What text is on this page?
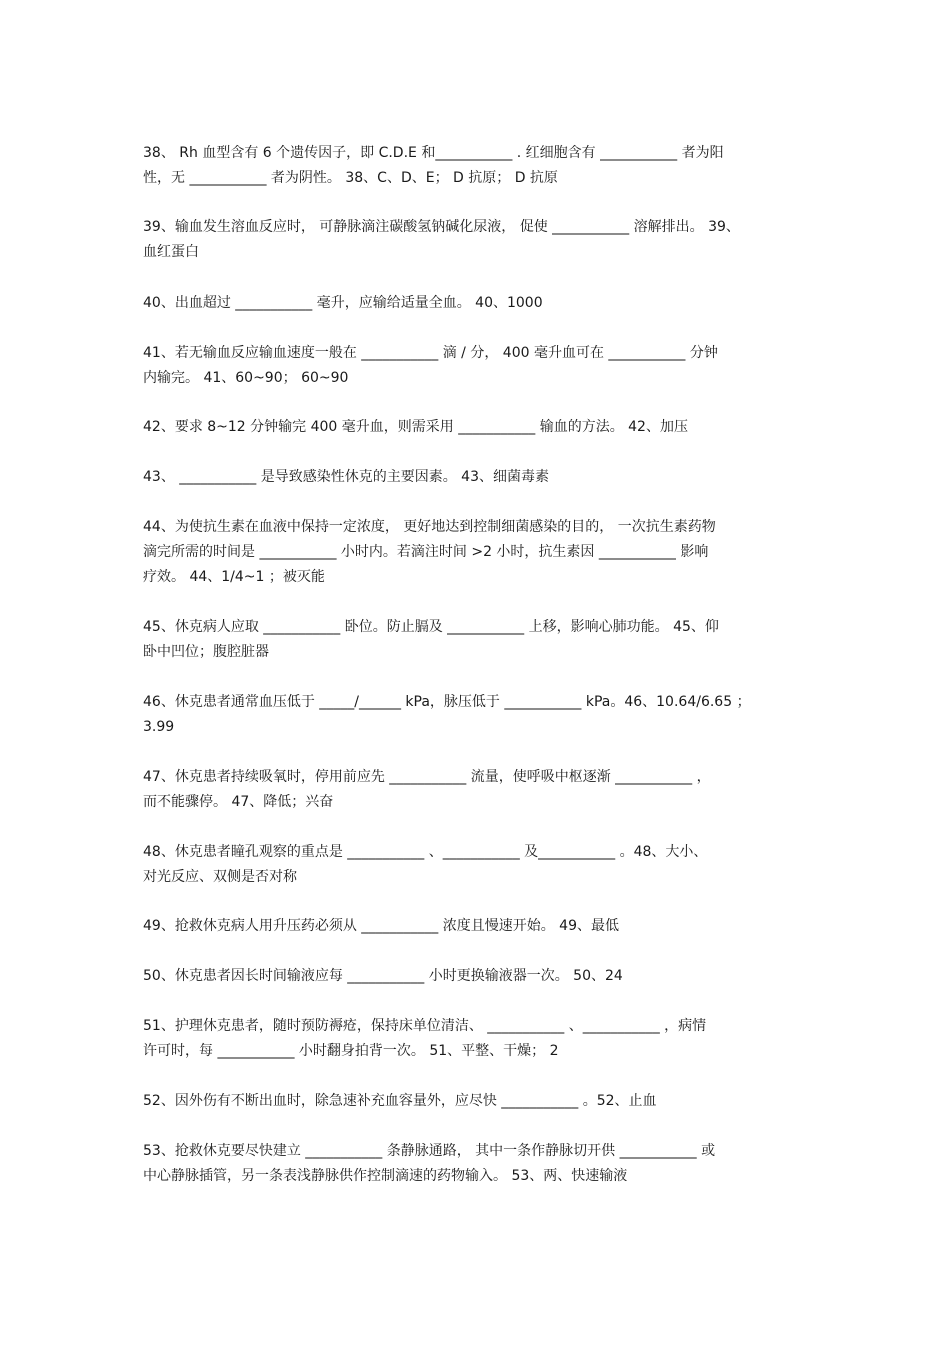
38、 Rh 血型含有 6 个遗传因子，即 C.D.E 和___________ . 红细胞含有 ___________ 者为阳
性，无 ___________ 者为阴性。 38、C、D、E； D 抗原； D 抗原

39、输血发生溶血反应时， 可静脉滴注碳酸氢钠碱化尿液， 促使 ___________ 溶解排出。 39、
血红蛋白

40、出血超过 ___________ 毫升，应输给适量全血。 40、1000

41、若无输血反应输血速度一般在 ___________ 滴 / 分， 400 毫升血可在 ___________ 分钟
内输完。 41、60~90； 60~90

42、要求 8~12 分钟输完 400 毫升血，则需采用 ___________ 输血的方法。 42、加压

43、 ___________ 是导致感染性休克的主要因素。 43、细菌毒素

44、为使抗生素在血液中保持一定浓度， 更好地达到控制细菌感染的目的， 一次抗生素药物
滴完所需的时间是 ___________ 小时内。若滴注时间 >2 小时，抗生素因 ___________ 影响
疗效。 44、1/4~1 ；被灭能

45、休克病人应取 ___________ 卧位。防止膈及 ___________ 上移，影响心肺功能。 45、仰
卧中凹位；腹腔脏器

46、休克患者通常血压低于 _____/______ kPa，脉压低于 ___________ kPa。46、10.64/6.65 ；
3.99

47、休克患者持续吸氧时，停用前应先 ___________ 流量，使呼吸中枢逐渐 ___________ ，
而不能骤停。 47、降低；兴奋

48、休克患者瞳孔观察的重点是 ___________ 、___________ 及___________ 。48、大小、
对光反应、双侧是否对称

49、抢救休克病人用升压药必须从 ___________ 浓度且慢速开始。 49、最低

50、休克患者因长时间输液应每 ___________ 小时更换输液器一次。 50、24

51、护理休克患者，随时预防褥疮，保持床单位清洁、 ___________ 、___________ ，病情
许可时，每 ___________ 小时翻身拍背一次。 51、平整、干燥； 2

52、因外伤有不断出血时，除急速补充血容量外，应尽快 ___________ 。52、止血

53、抢救休克要尽快建立 ___________ 条静脉通路， 其中一条作静脉切开供 ___________ 或
中心静脉插管，另一条表浅静脉供作控制滴速的药物输入。 53、两、快速输液
